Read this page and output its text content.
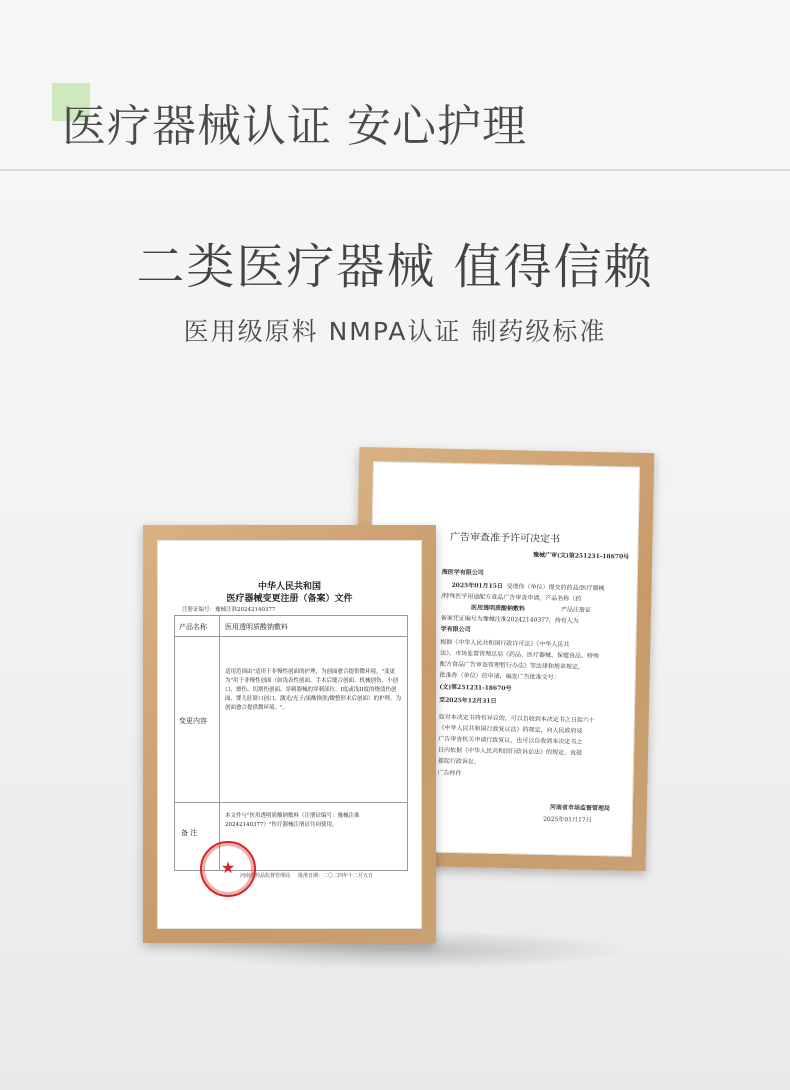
医疗器械认证 安心护理
二类医疗器械 值得信赖
医用级原料 NMPA认证 制药级标准
广告审查准予许可决定书
豫械广审(文)第251231-18670号
海医学有限公司
2025年01月15日 受理你（单位）提交的药品/医疗器械
/特殊医学用途配方食品广告审查申请。产品名称（药
医用透明质酸钠敷料	产品注册证
备案凭证编号为豫械注准20242140377，持有人为
学有限公司
根据《中华人民共和国行政许可法》《中华人民共
法》、市场监督管理总局《药品、医疗器械、保健食品、特殊
配方食品广告审查管理暂行办法》等法律和规章规定，
批准你（单位）的申请，编发广告批准文号：
(文)第251231-18670号
至2025年12月31日
如对本决定书持有异议的，可以自收到本决定书之日起六十
《中华人民共和国行政复议法》的规定，向人民政府或
广告审查机关申请行政复议，也可以自收到本决定书之
日内依据《中华人民共和国行政诉讼法》的规定，直接
提起行政诉讼。
广告样件
河南省市场监督管理局
2025年01月17日
中华人民共和国
医疗器械变更注册（备案）文件
注册证编号：豫械注准20242140377
产品名称	医用透明质酸钠敷料
变更内容
适用范围由"适用于非慢性创面的护理，为创面愈合提供微环境。"变更为"用于非慢性创面（如浅表性创面、手术后缝合创面、机械创伤、小创口、擦伤、切割伤创面、穿刺器械的穿刺部位、I度或浅II度的烧烫伤创面、婴儿肚脐口创口、激光/光子/果酸换肤/微整形术后创面）的护理，为创面愈合提供微环境。"。
备 注
本文件与"医用透明质酸钠敷料（注册证编号：豫械注准20242140377）"医疗器械注册证共同使用。
河南省药品监督管理局 批准日期：二〇二四年十二月五日
★
